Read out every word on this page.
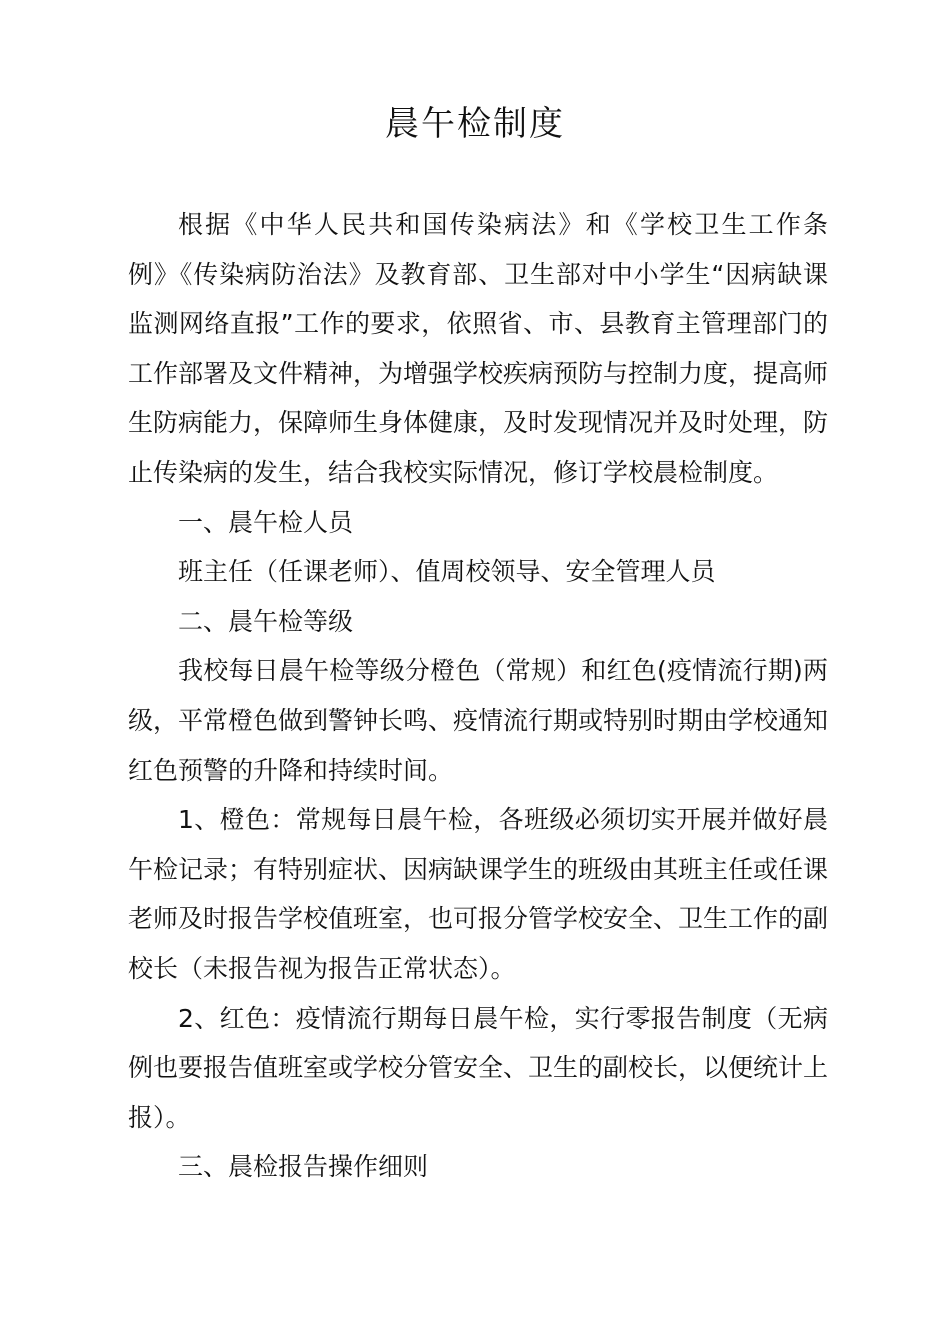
晨午检制度

根据《中华人民共和国传染病法》和《学校卫生工作条例》《传染病防治法》及教育部、卫生部对中小学生“因病缺课监测网络直报”工作的要求，依照省、市、县教育主管理部门的工作部署及文件精神，为增强学校疾病预防与控制力度，提高师生防病能力，保障师生身体健康，及时发现情况并及时处理，防止传染病的发生，结合我校实际情况，修订学校晨检制度。

一、晨午检人员

班主任（任课老师）、值周校领导、安全管理人员

二、晨午检等级

我校每日晨午检等级分橙色（常规）和红色(疫情流行期)两级，平常橙色做到警钟长鸣、疫情流行期或特别时期由学校通知红色预警的升降和持续时间。

1、橙色：常规每日晨午检，各班级必须切实开展并做好晨午检记录；有特别症状、因病缺课学生的班级由其班主任或任课老师及时报告学校值班室，也可报分管学校安全、卫生工作的副校长（未报告视为报告正常状态）。

2、红色：疫情流行期每日晨午检，实行零报告制度（无病例也要报告值班室或学校分管安全、卫生的副校长，以便统计上报）。

三、晨检报告操作细则
